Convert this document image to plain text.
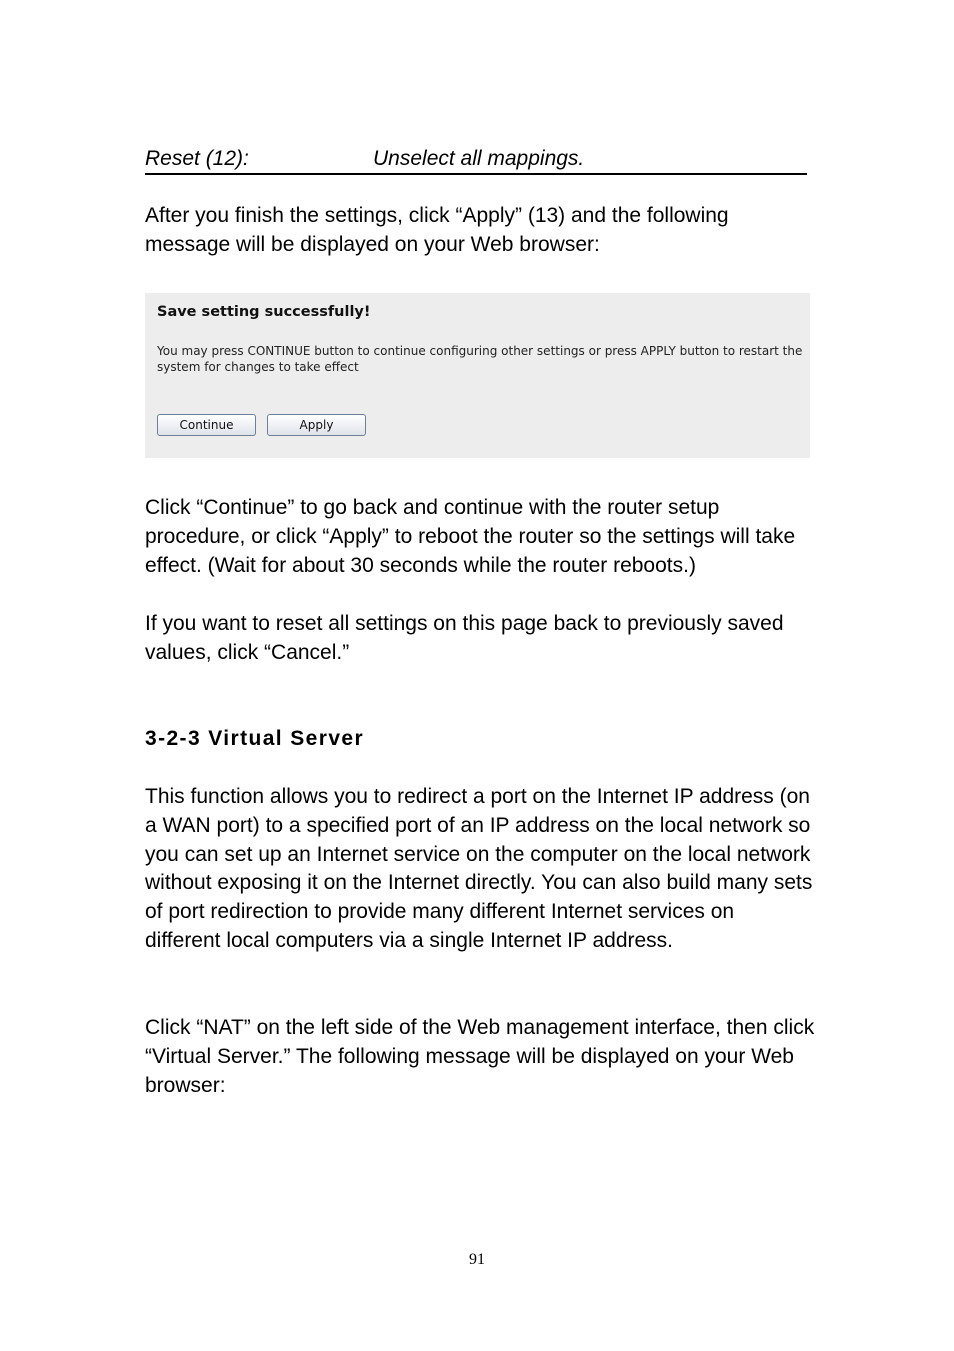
Reset (12):	Unselect all mappings.

After you finish the settings, click “Apply” (13) and the following message will be displayed on your Web browser:

Save setting successfully!
You may press CONTINUE button to continue configuring other settings or press APPLY button to restart the system for changes to take effect
Continue	Apply

Click “Continue” to go back and continue with the router setup procedure, or click “Apply” to reboot the router so the settings will take effect. (Wait for about 30 seconds while the router reboots.)

If you want to reset all settings on this page back to previously saved values, click “Cancel.”

3-2-3 Virtual Server

This function allows you to redirect a port on the Internet IP address (on a WAN port) to a specified port of an IP address on the local network so you can set up an Internet service on the computer on the local network without exposing it on the Internet directly. You can also build many sets of port redirection to provide many different Internet services on different local computers via a single Internet IP address.

Click “NAT” on the left side of the Web management interface, then click “Virtual Server.” The following message will be displayed on your Web browser:

91
